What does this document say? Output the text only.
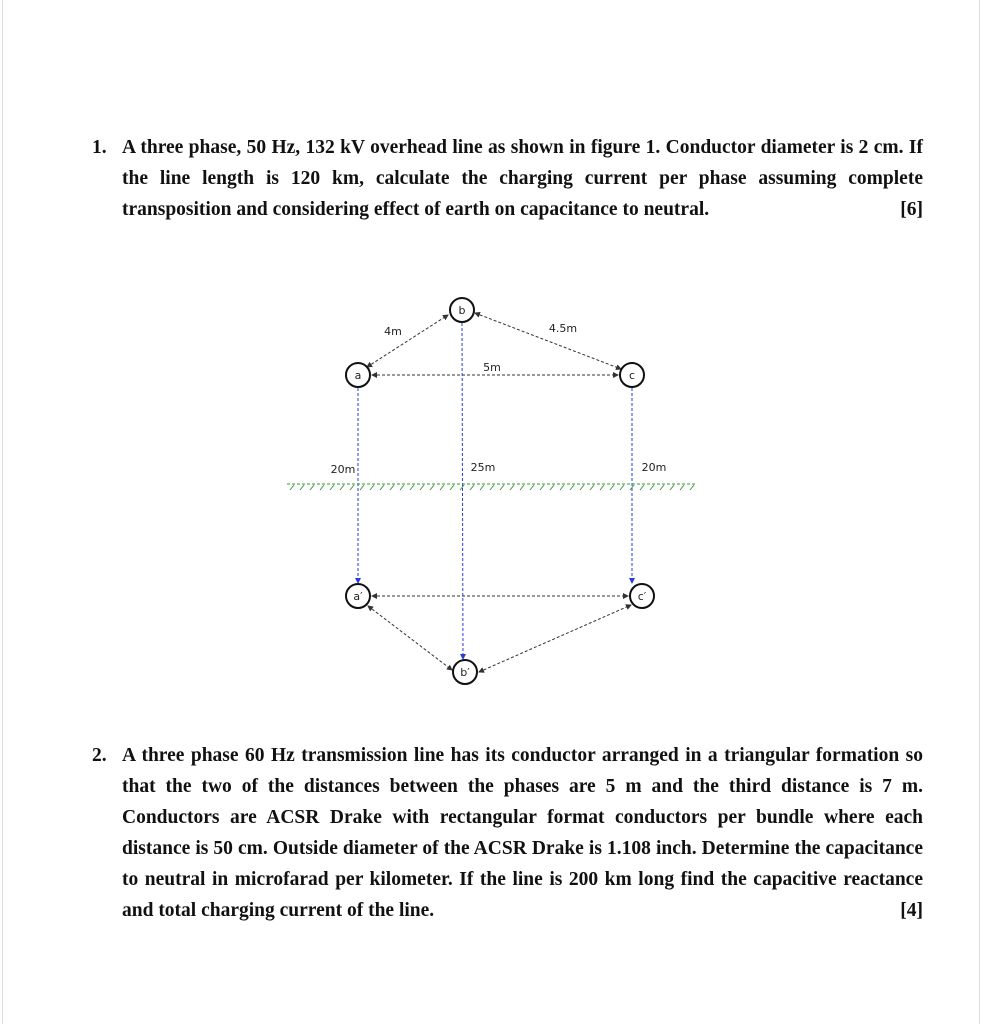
1. A three phase, 50 Hz, 132 kV overhead line as shown in figure 1. Conductor diameter is 2 cm. If the line length is 120 km, calculate the charging current per phase assuming complete transposition and considering effect of earth on capacitance to neutral.	[6]
a
b
c
a′
b′
c′
4m	4.5m
5m
20m	25m	20m
2. A three phase 60 Hz transmission line has its conductor arranged in a triangular formation so that the two of the distances between the phases are 5 m and the third distance is 7 m. Conductors are ACSR Drake with rectangular format conductors per bundle where each distance is 50 cm. Outside diameter of the ACSR Drake is 1.108 inch. Determine the capacitance to neutral in microfarad per kilometer. If the line is 200 km long find the capacitive reactance and total charging current of the line.	[4]
